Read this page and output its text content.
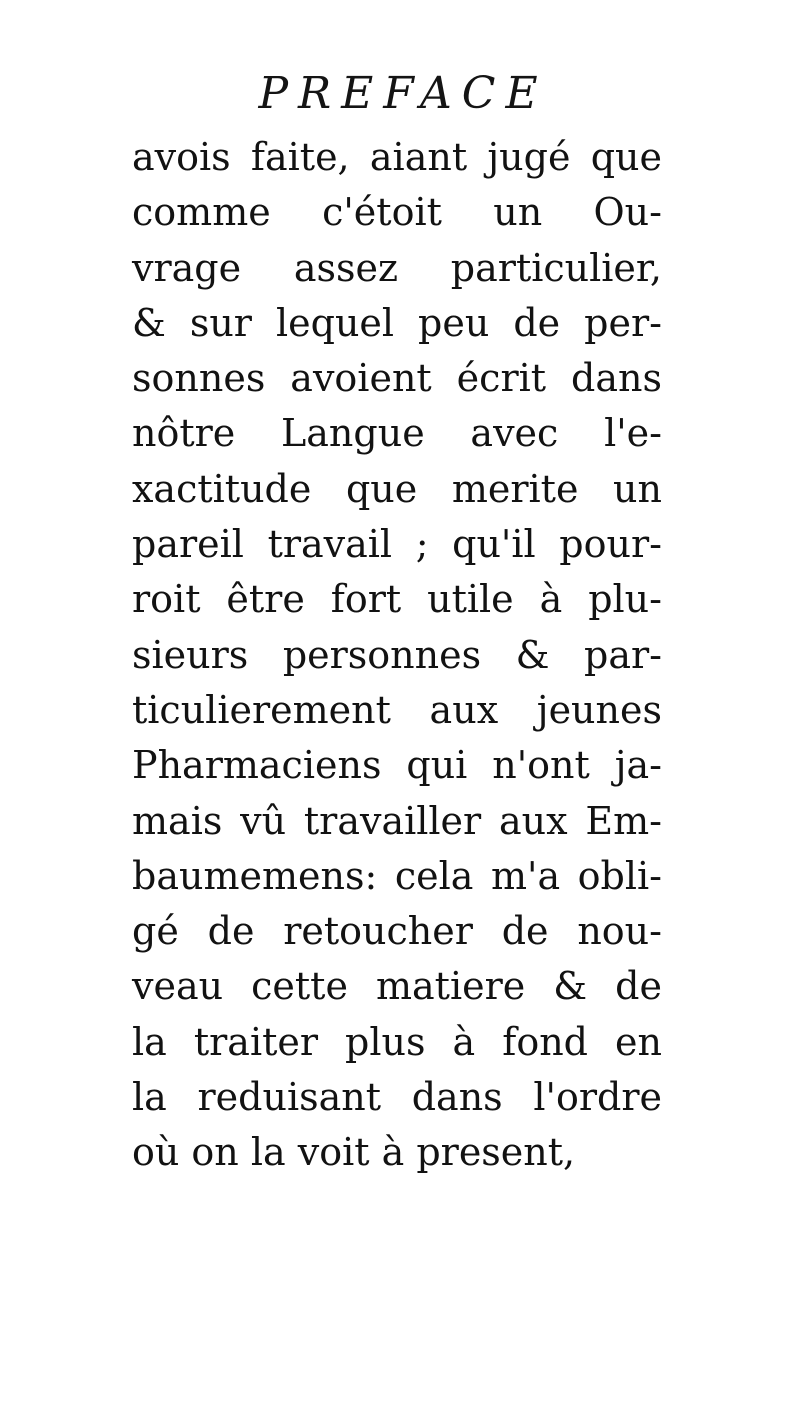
PREFACE
avois faite, aiant jugé que
comme c'étoit un Ou-
vrage assez particulier,
& sur lequel peu de per-
sonnes avoient écrit dans
nôtre Langue avec l'e-
xactitude que merite un
pareil travail ; qu'il pour-
roit être fort utile à plu-
sieurs personnes & par-
ticulierement aux jeunes
Pharmaciens qui n'ont ja-
mais vû travailler aux Em-
baumemens: cela m'a obli-
gé de retoucher de nou-
veau cette matiere & de
la traiter plus à fond en
la reduisant dans l'ordre
où on la voit à present,
